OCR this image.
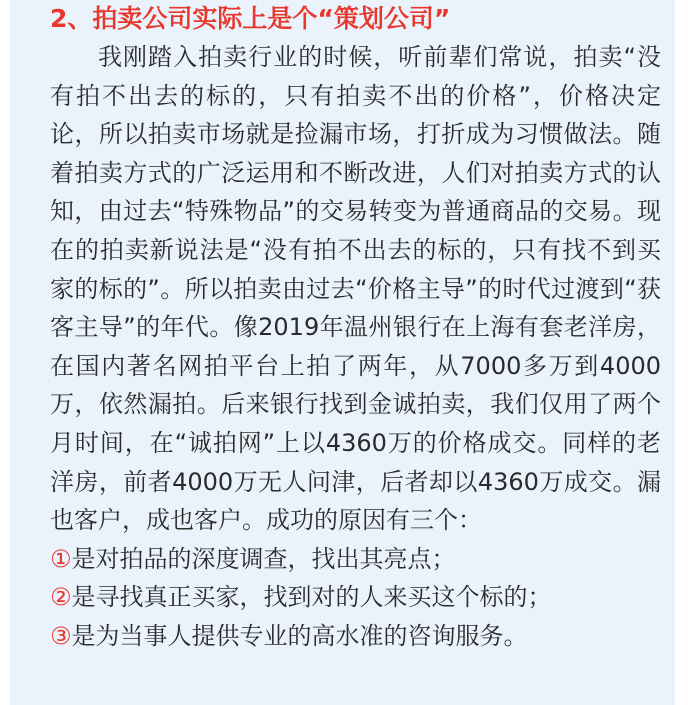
2、拍卖公司实际上是个“策划公司”

我刚踏入拍卖行业的时候，听前辈们常说，拍卖“没有拍不出去的标的，只有拍卖不出的价格”，价格决定论，所以拍卖市场就是捡漏市场，打折成为习惯做法。随着拍卖方式的广泛运用和不断改进，人们对拍卖方式的认知，由过去“特殊物品”的交易转变为普通商品的交易。现在的拍卖新说法是“没有拍不出去的标的，只有找不到买家的标的”。所以拍卖由过去“价格主导”的时代过渡到“获客主导”的年代。像2019年温州银行在上海有套老洋房，在国内著名网拍平台上拍了两年，从7000多万到4000万，依然漏拍。后来银行找到金诚拍卖，我们仅用了两个月时间，在“诚拍网”上以4360万的价格成交。同样的老洋房，前者4000万无人问津，后者却以4360万成交。漏也客户，成也客户。成功的原因有三个：

①是对拍品的深度调查，找出其亮点；
②是寻找真正买家，找到对的人来买这个标的；
③是为当事人提供专业的高水准的咨询服务。
